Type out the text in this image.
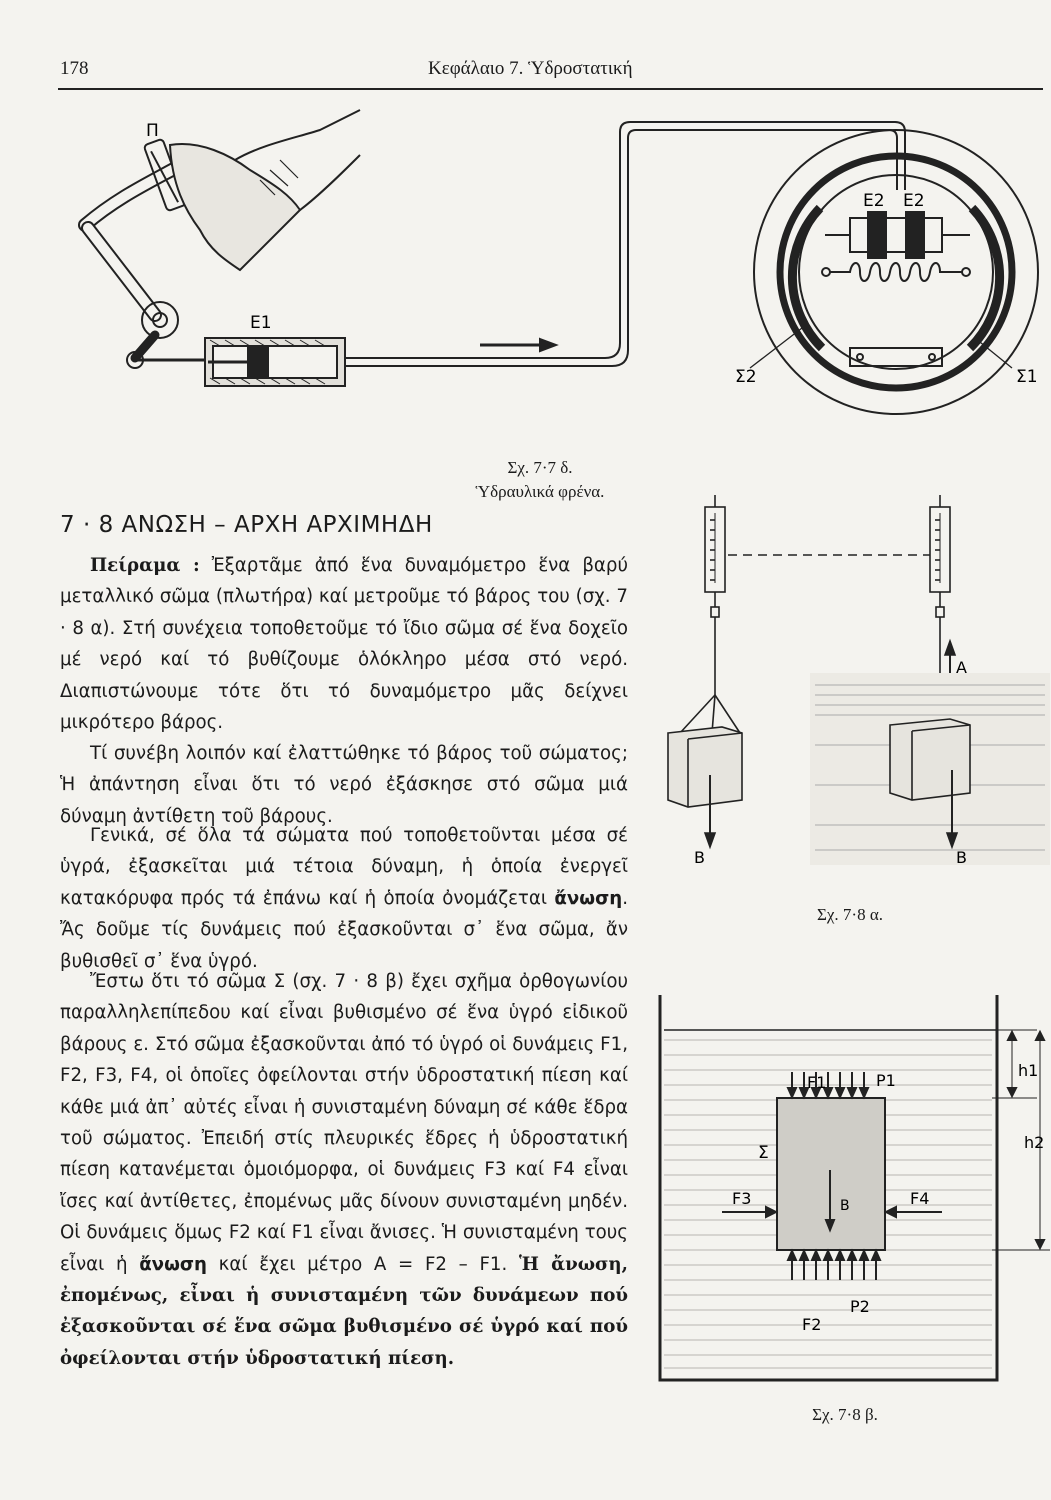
178	Κεφάλαιο 7. Ὑδροστατική
Π
Ε1
Ε2 Ε2
Σ2	Σ1
Σχ. 7·7 δ.
Ὑδραυλικά φρένα.
7 · 8 ΑΝΩΣΗ – ΑΡΧΗ ΑΡΧΙΜΗΔΗ

Πείραμα : Ἐξαρτᾶμε ἀπό ἕνα δυναμόμετρο ἕνα βαρύ μεταλλικό σῶμα (πλωτήρα) καί μετροῦμε τό βάρος του (σχ. 7 · 8 α). Στή συνέχεια τοποθετοῦμε τό ἴδιο σῶμα σέ ἕνα δοχεῖο μέ νερό καί τό βυθίζουμε ὁλόκληρο μέσα στό νερό. Διαπιστώνουμε τότε ὅτι τό δυναμόμετρο μᾶς δείχνει μικρότερο βάρος.

Τί συνέβη λοιπόν καί ἐλαττώθηκε τό βάρος τοῦ σώματος; Ἡ ἀπάντηση εἶναι ὅτι τό νερό ἐξάσκησε στό σῶμα μιά δύναμη ἀντίθετη τοῦ βάρους.

Γενικά, σέ ὅλα τά σώματα πού τοποθετοῦνται μέσα σέ ὑγρά, ἐξασκεῖται μιά τέτοια δύναμη, ἡ ὁποία ἐνεργεῖ κατακόρυφα πρός τά ἐπάνω καί ἡ ὁποία ὀνομάζεται ἄνωση. Ἄς δοῦμε τίς δυνάμεις πού ἐξασκοῦνται σ᾽ ἕνα σῶμα, ἄν βυθισθεῖ σ᾽ ἕνα ὑγρό.

Ἔστω ὅτι τό σῶμα Σ (σχ. 7 · 8 β) ἔχει σχῆμα ὀρθογωνίου παραλληλεπίπεδου καί εἶναι βυθισμένο σέ ἕνα ὑγρό εἰδικοῦ βάρους ε. Στό σῶμα ἐξασκοῦνται ἀπό τό ὑγρό οἱ δυνάμεις F1, F2, F3, F4, οἱ ὁποῖες ὀφείλονται στήν ὑδροστατική πίεση καί κάθε μιά ἀπ᾽ αὐτές εἶναι ἡ συνισταμένη δύναμη σέ κάθε ἕδρα τοῦ σώματος. Ἐπειδή στίς πλευρικές ἕδρες ἡ ὑδροστατική πίεση κατανέμεται ὁμοιόμορφα, οἱ δυνάμεις F3 καί F4 εἶναι ἴσες καί ἀντίθετες, ἐπομένως μᾶς δίνουν συνισταμένη μηδέν. Οἱ δυνάμεις ὅμως F2 καί F1 εἶναι ἄνισες. Ἡ συνισταμένη τους εἶναι ἡ ἄνωση καί ἔχει μέτρο A = F2 – F1. Ἡ ἄνωση, ἐπομένως, εἶναι ἡ συνισταμένη τῶν δυνάμεων πού ἐξασκοῦνται σέ ἕνα σῶμα βυθισμένο σέ ὑγρό καί πού ὀφείλονται στήν ὑδροστατική πίεση.

B	B
A
Σχ. 7·8 α.
F1	P1
F3	F4
B
Σ
P2
F2
h1
h2
Σχ. 7·8 β.
